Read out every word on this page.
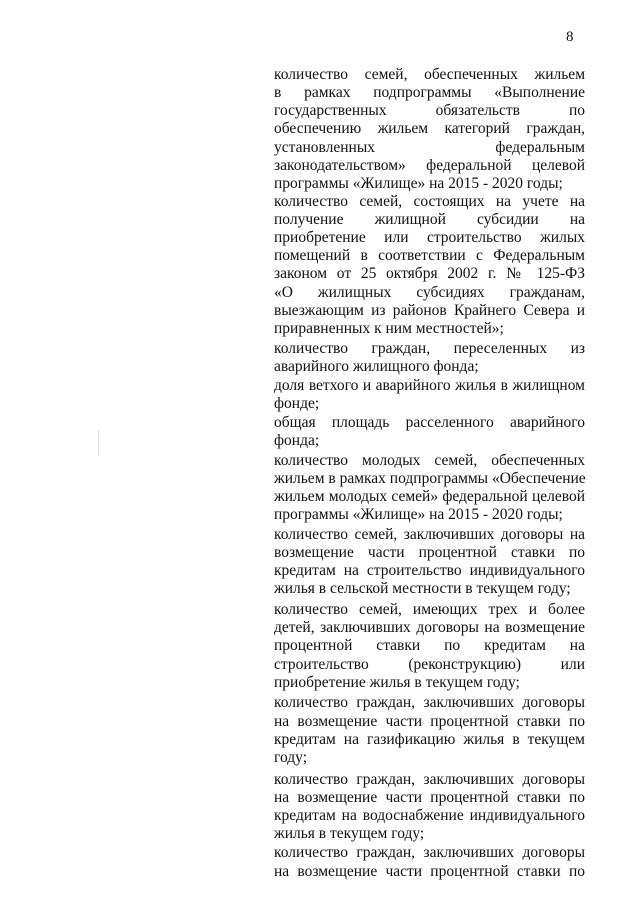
8
количество семей, обеспеченных жильем
в рамках подпрограммы «Выполнение
государственных обязательств по
обеспечению жильем категорий граждан,
установленных федеральным
законодательством» федеральной целевой
программы «Жилище» на 2015 - 2020 годы;
количество семей, состоящих на учете на
получение жилищной субсидии на
приобретение или строительство жилых
помещений в соответствии с Федеральным
законом от 25 октября 2002 г. № 125-ФЗ
«О жилищных субсидиях гражданам,
выезжающим из районов Крайнего Севера и
приравненных к ним местностей»;
количество граждан, переселенных из
аварийного жилищного фонда;
доля ветхого и аварийного жилья в жилищном
фонде;
общая площадь расселенного аварийного
фонда;
количество молодых семей, обеспеченных
жильем в рамках подпрограммы «Обеспечение
жильем молодых семей» федеральной целевой
программы «Жилище» на 2015 - 2020 годы;
количество семей, заключивших договоры на
возмещение части процентной ставки по
кредитам на строительство индивидуального
жилья в сельской местности в текущем году;
количество семей, имеющих трех и более
детей, заключивших договоры на возмещение
процентной ставки по кредитам на
строительство (реконструкцию) или
приобретение жилья в текущем году;
количество граждан, заключивших договоры
на возмещение части процентной ставки по
кредитам на газификацию жилья в текущем
году;
количество граждан, заключивших договоры
на возмещение части процентной ставки по
кредитам на водоснабжение индивидуального
жилья в текущем году;
количество граждан, заключивших договоры
на возмещение части процентной ставки по
